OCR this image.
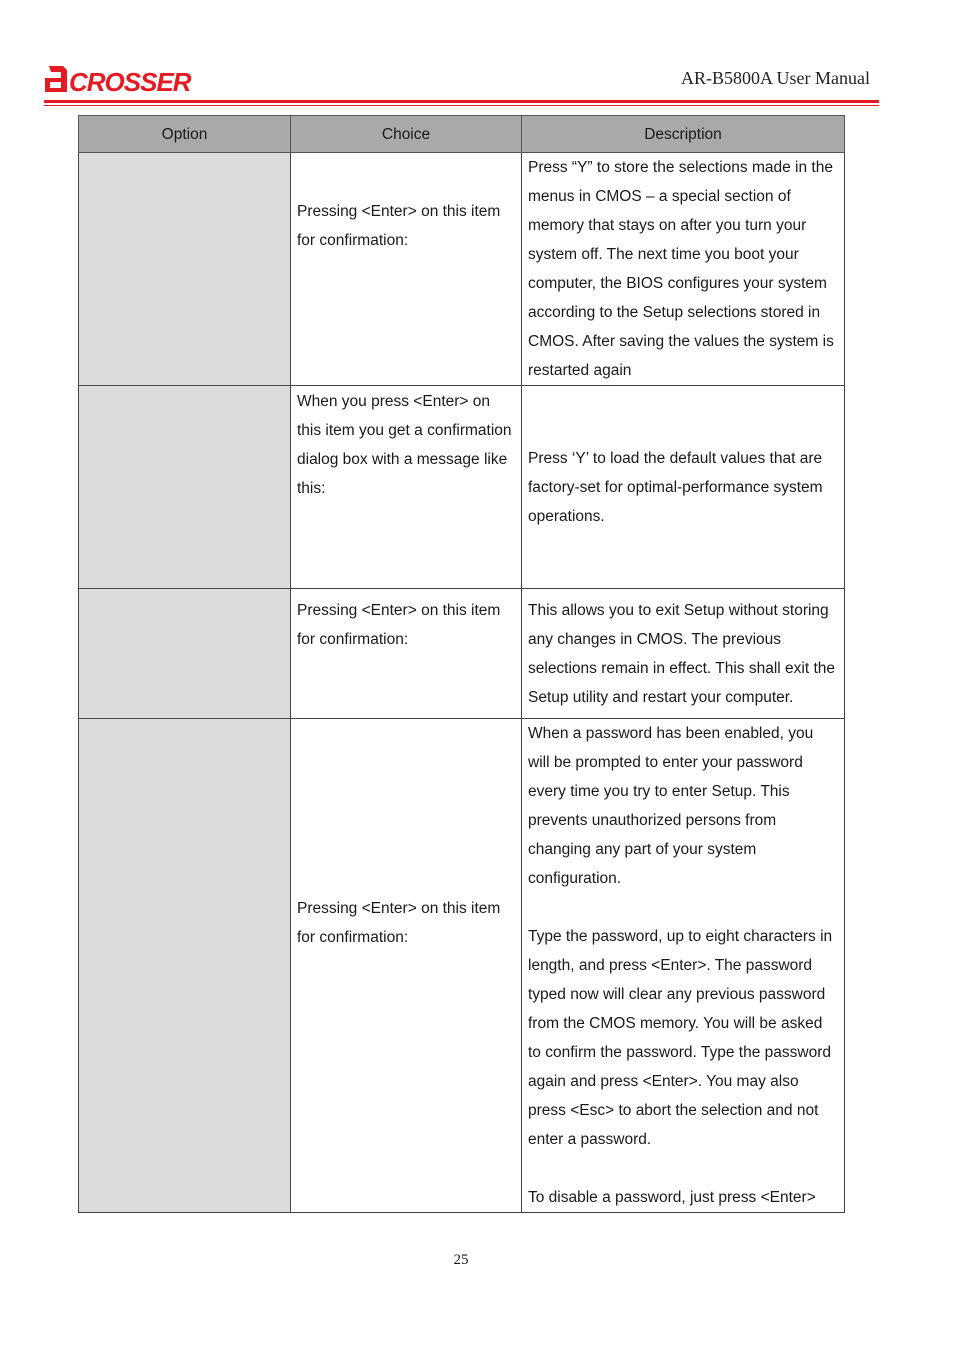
CROSSER	AR-B5800A User Manual
Option	Choice	Description
	Pressing <Enter> on this item for confirmation:	Press “Y” to store the selections made in the menus in CMOS – a special section of memory that stays on after you turn your system off. The next time you boot your computer, the BIOS configures your system according to the Setup selections stored in CMOS. After saving the values the system is restarted again

	When you press <Enter> on this item you get a confirmation dialog box with a message like this:	Press ‘Y’ to load the default values that are factory-set for optimal-performance system operations.

	Pressing <Enter> on this item for confirmation:	This allows you to exit Setup without storing any changes in CMOS. The previous selections remain in effect. This shall exit the Setup utility and restart your computer.

	Pressing <Enter> on this item for confirmation:	When a password has been enabled, you will be prompted to enter your password every time you try to enter Setup. This prevents unauthorized persons from changing any part of your system configuration.
Type the password, up to eight characters in length, and press <Enter>. The password typed now will clear any previous password from the CMOS memory. You will be asked to confirm the password. Type the password again and press <Enter>. You may also press <Esc> to abort the selection and not enter a password.
To disable a password, just press <Enter>
25
